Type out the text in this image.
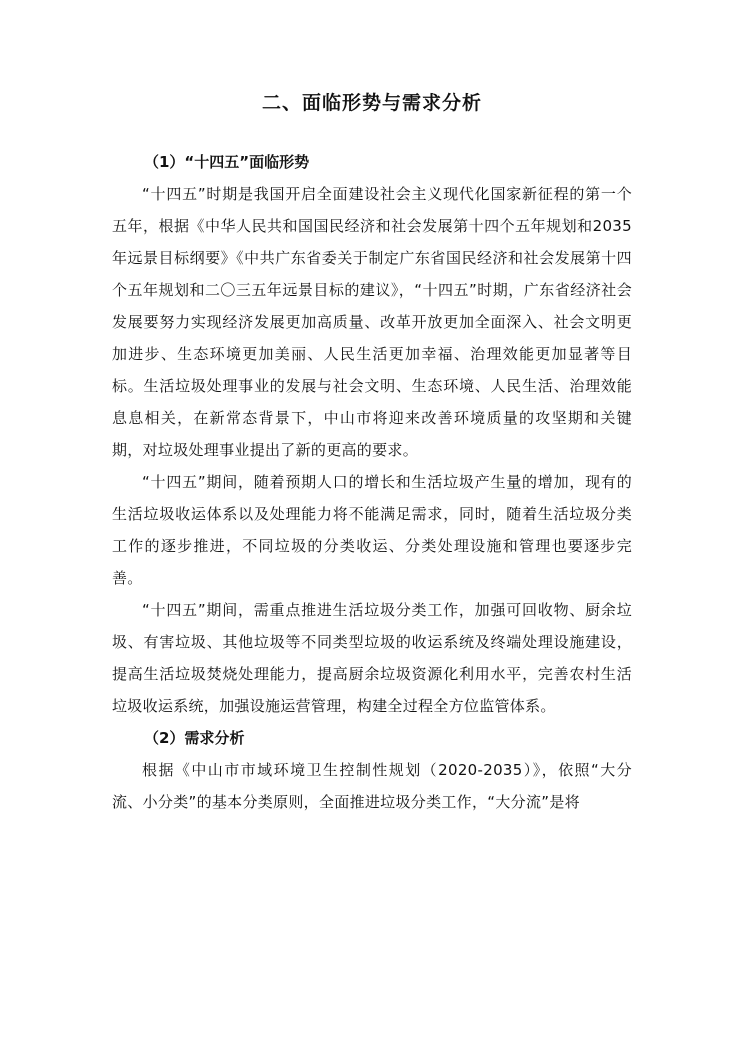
二、面临形势与需求分析
（1）“十四五”面临形势

“十四五”时期是我国开启全面建设社会主义现代化国家新征程的第一个五年，根据《中华人民共和国国民经济和社会发展第十四个五年规划和2035年远景目标纲要》《中共广东省委关于制定广东省国民经济和社会发展第十四个五年规划和二〇三五年远景目标的建议》，“十四五”时期，广东省经济社会发展要努力实现经济发展更加高质量、改革开放更加全面深入、社会文明更加进步、生态环境更加美丽、人民生活更加幸福、治理效能更加显著等目标。生活垃圾处理事业的发展与社会文明、生态环境、人民生活、治理效能息息相关，在新常态背景下，中山市将迎来改善环境质量的攻坚期和关键期，对垃圾处理事业提出了新的更高的要求。

“十四五”期间，随着预期人口的增长和生活垃圾产生量的增加，现有的生活垃圾收运体系以及处理能力将不能满足需求，同时，随着生活垃圾分类工作的逐步推进，不同垃圾的分类收运、分类处理设施和管理也要逐步完善。

“十四五”期间，需重点推进生活垃圾分类工作，加强可回收物、厨余垃圾、有害垃圾、其他垃圾等不同类型垃圾的收运系统及终端处理设施建设，提高生活垃圾焚烧处理能力，提高厨余垃圾资源化利用水平，完善农村生活垃圾收运系统，加强设施运营管理，构建全过程全方位监管体系。

（2）需求分析

根据《中山市市域环境卫生控制性规划（2020-2035）》，依照“大分流、小分类”的基本分类原则，全面推进垃圾分类工作，“大分流”是将
